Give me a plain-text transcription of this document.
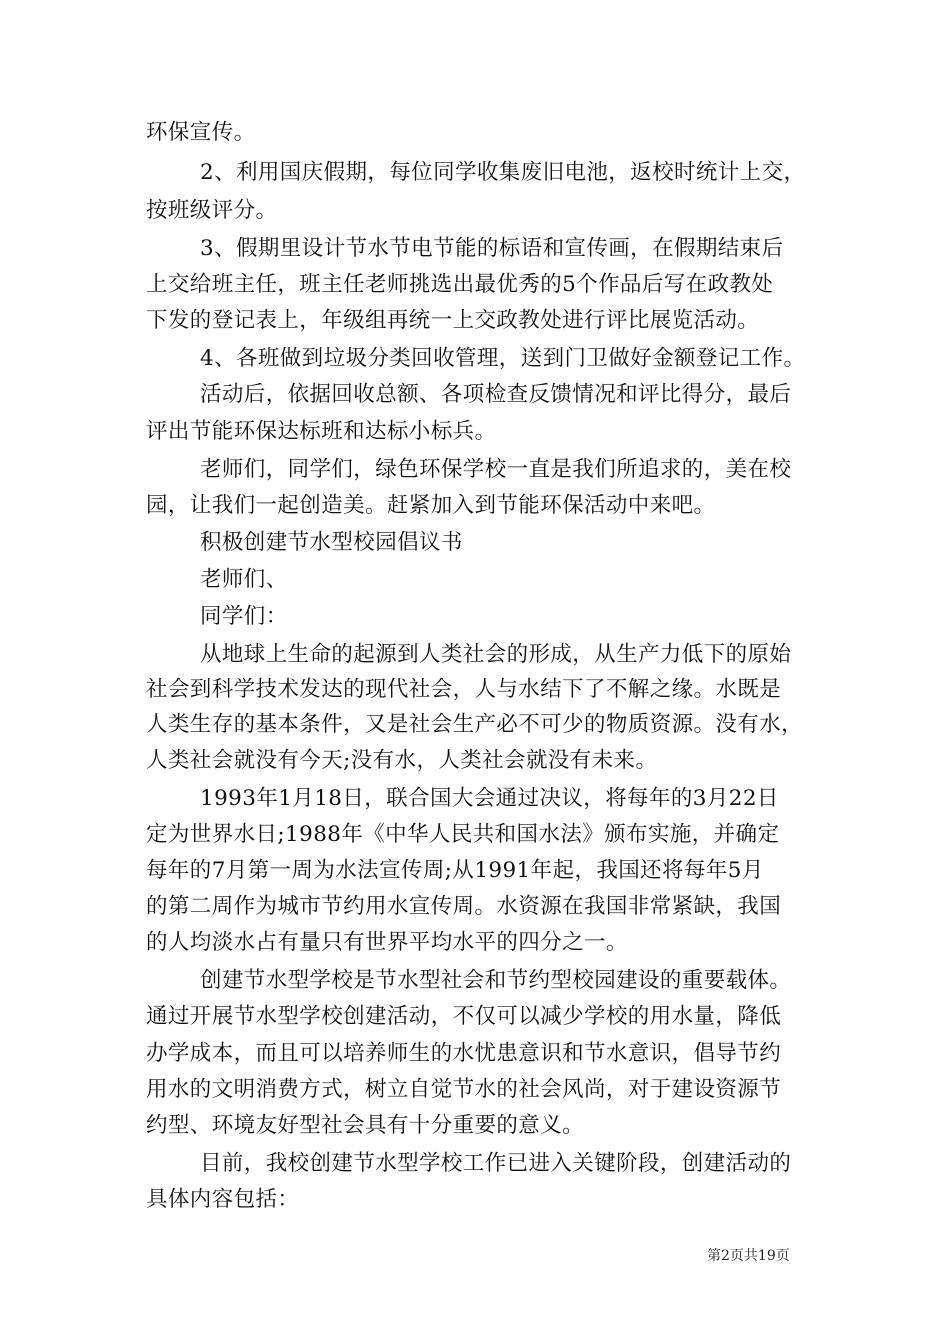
环保宣传。
2、利用国庆假期，每位同学收集废旧电池，返校时统计上交，
按班级评分。
3、假期里设计节水节电节能的标语和宣传画，在假期结束后
上交给班主任，班主任老师挑选出最优秀的5个作品后写在政教处
下发的登记表上，年级组再统一上交政教处进行评比展览活动。
4、各班做到垃圾分类回收管理，送到门卫做好金额登记工作。
活动后，依据回收总额、各项检查反馈情况和评比得分，最后
评出节能环保达标班和达标小标兵。
老师们，同学们，绿色环保学校一直是我们所追求的，美在校
园，让我们一起创造美。赶紧加入到节能环保活动中来吧。
积极创建节水型校园倡议书
老师们、
同学们：
从地球上生命的起源到人类社会的形成，从生产力低下的原始
社会到科学技术发达的现代社会，人与水结下了不解之缘。水既是
人类生存的基本条件，又是社会生产必不可少的物质资源。没有水，
人类社会就没有今天;没有水，人类社会就没有未来。
1993年1月18日，联合国大会通过决议，将每年的3月22日
定为世界水日;1988年《中华人民共和国水法》颁布实施，并确定
每年的7月第一周为水法宣传周;从1991年起，我国还将每年5月
的第二周作为城市节约用水宣传周。水资源在我国非常紧缺，我国
的人均淡水占有量只有世界平均水平的四分之一。
创建节水型学校是节水型社会和节约型校园建设的重要载体。
通过开展节水型学校创建活动，不仅可以减少学校的用水量，降低
办学成本，而且可以培养师生的水忧患意识和节水意识，倡导节约
用水的文明消费方式，树立自觉节水的社会风尚，对于建设资源节
约型、环境友好型社会具有十分重要的意义。
目前，我校创建节水型学校工作已进入关键阶段，创建活动的
具体内容包括：
第2页共19页
